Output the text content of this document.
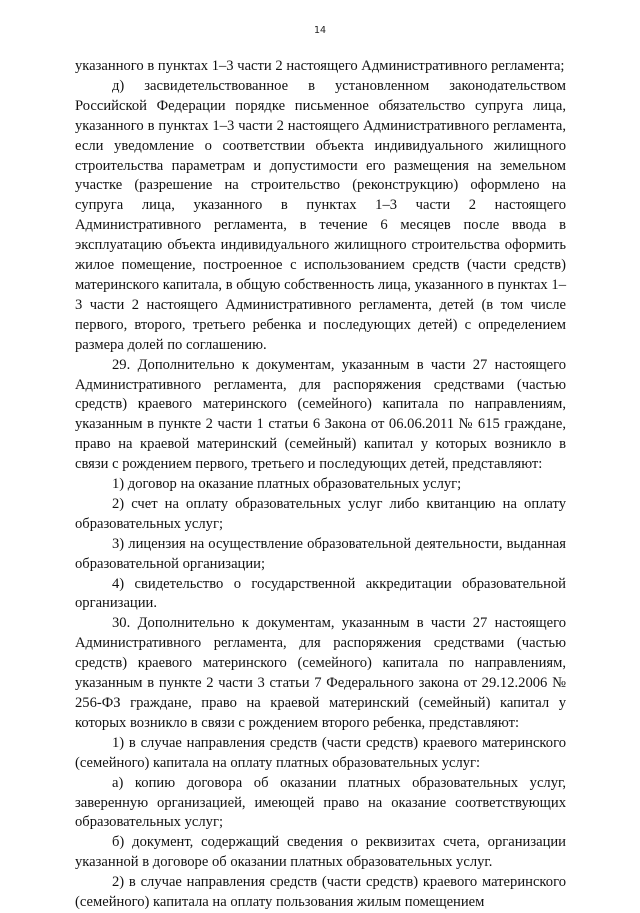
14

указанного в пунктах 1–3 части 2 настоящего Административного регламента;

д) засвидетельствованное в установленном законодательством Российской Федерации порядке письменное обязательство супруга лица, указанного в пунктах 1–3 части 2 настоящего Административного регламента, если уведомление о соответствии объекта индивидуального жилищного строительства параметрам и допустимости его размещения на земельном участке (разрешение на строительство (реконструкцию) оформлено на супруга лица, указанного в пунктах 1–3 части 2 настоящего Административного регламента, в течение 6 месяцев после ввода в эксплуатацию объекта индивидуального жилищного строительства оформить жилое помещение, построенное с использованием средств (части средств) материнского капитала, в общую собственность лица, указанного в пунктах 1–3 части 2 настоящего Административного регламента, детей (в том числе первого, второго, третьего ребенка и последующих детей) с определением размера долей по соглашению.

29. Дополнительно к документам, указанным в части 27 настоящего Административного регламента, для распоряжения средствами (частью средств) краевого материнского (семейного) капитала по направлениям, указанным в пункте 2 части 1 статьи 6 Закона от 06.06.2011 № 615 граждане, право на краевой материнский (семейный) капитал у которых возникло в связи с рождением первого, третьего и последующих детей, представляют:

1) договор на оказание платных образовательных услуг;

2) счет на оплату образовательных услуг либо квитанцию на оплату образовательных услуг;

3) лицензия на осуществление образовательной деятельности, выданная образовательной организации;

4) свидетельство о государственной аккредитации образовательной организации.

30. Дополнительно к документам, указанным в части 27 настоящего Административного регламента, для распоряжения средствами (частью средств) краевого материнского (семейного) капитала по направлениям, указанным в пункте 2 части 3 статьи 7 Федерального закона от 29.12.2006 № 256-ФЗ граждане, право на краевой материнский (семейный) капитал у которых возникло в связи с рождением второго ребенка, представляют:

1) в случае направления средств (части средств) краевого материнского (семейного) капитала на оплату платных образовательных услуг:

а) копию договора об оказании платных образовательных услуг, заверенную организацией, имеющей право на оказание соответствующих образовательных услуг;

б) документ, содержащий сведения о реквизитах счета, организации указанной в договоре об оказании платных образовательных услуг.

2) в случае направления средств (части средств) краевого материнского (семейного) капитала на оплату пользования жилым помещением
